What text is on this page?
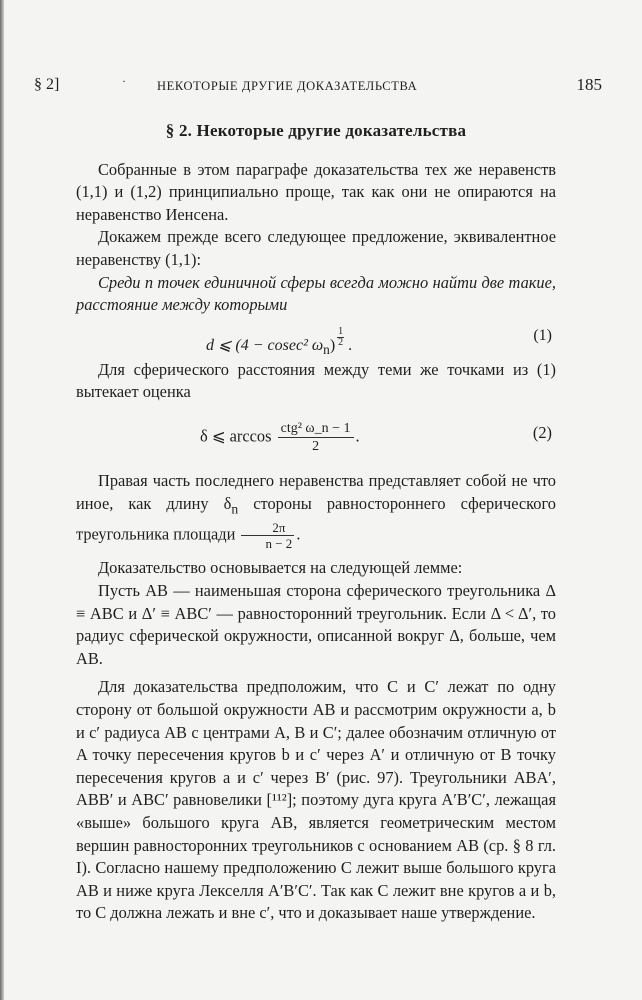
§ 2]	· НЕКОТОРЫЕ ДРУГИЕ ДОКАЗАТЕЛЬСТВА	185
§ 2. Некоторые другие доказательства

Собранные в этом параграфе доказательства тех же неравенств (1,1) и (1,2) принципиально проще, так как они не опираются на неравенство Иенсена.

Докажем прежде всего следующее предложение, эквивалентное неравенству (1,1):

Среди n точек единичной сферы всегда можно найти две такие, расстояние между которыми

d ⩽ (4 − cosec² $\omega_n) \frac{1}{2}$ .
(1)

Для сферического расстояния между теми же точками из (1) вытекает оценка

δ ⩽ $\arccos \frac{\text{ctg² ω\_n − 1}}{2}$ .	(2)

Правая часть последнего неравенства представляет собой не что иное, как длину $\delta_n$ стороны равностороннего сферического треугольника площади $\frac{2\pi}{n - 2}$ .

Доказательство основывается на следующей лемме:

Пусть AB — наименьшая сторона сферического треугольника Δ ≡ ABC и Δ′ ≡ ABC′ — равносторонний треугольник. Если Δ < Δ′, то радиус сферической окружности, описанной вокруг Δ, больше, чем AB.

Для доказательства предположим, что C и C′ лежат по одну сторону от большой окружности AB и рассмотрим окружности a, b и c′ радиуса AB с центрами A, B и C′; далее обозначим отличную от A точку пересечения кругов b и c′ через A′ и отличную от B точку пересечения кругов a и c′ через B′ (рис. 97). Треугольники ABA′, ABB′ и ABC′ равновелики [¹¹²]; поэтому дуга круга A′B′C′, лежащая «выше» большого круга AB, является геометрическим местом вершин равносторонних треугольников с основанием AB (ср. § 8 гл. I). Согласно нашему предположению C лежит выше большого круга AB и ниже круга Лекселля A′B′C′. Так как C лежит вне кругов a и b, то C должна лежать и вне c′, что и доказывает наше утверждение.
